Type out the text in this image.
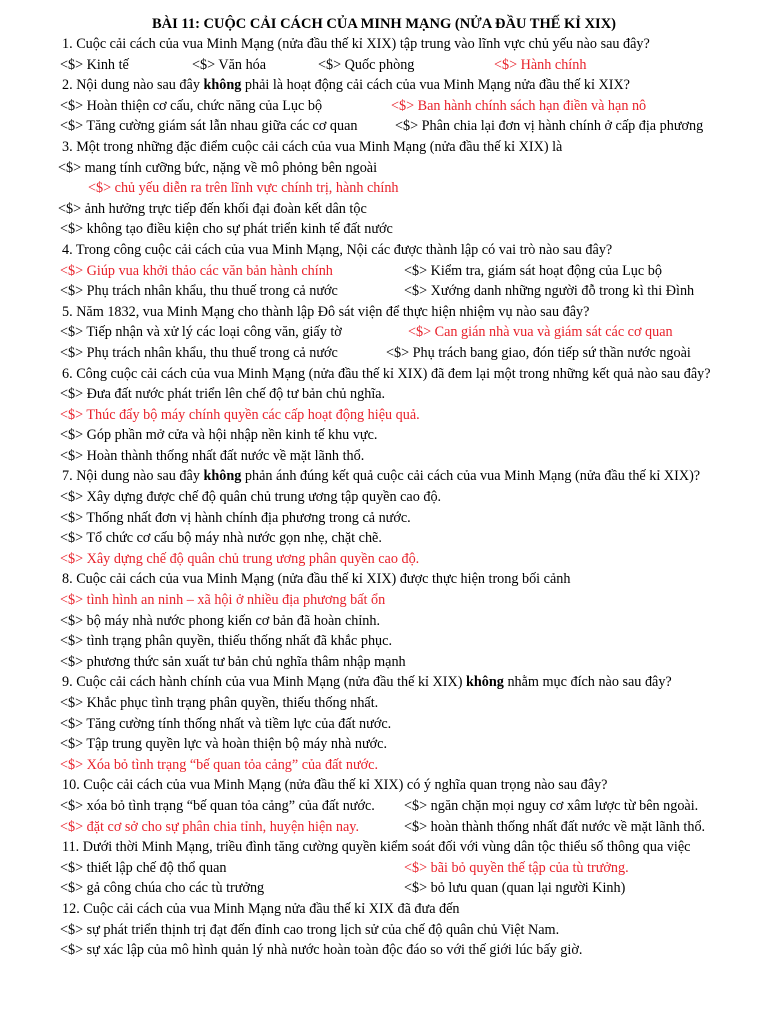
BÀI 11: CUỘC CẢI CÁCH CỦA MINH MẠNG (NỬA ĐẦU THẾ KỈ XIX)

1. Cuộc cải cách của vua Minh Mạng (nửa đầu thế kỉ XIX) tập trung vào lĩnh vực chủ yếu nào sau đây?

<$> Kinh tế	<$> Văn hóa	<$> Quốc phòng	<$> Hành chính

2. Nội dung nào sau đây không phải là hoạt động cải cách của vua Minh Mạng nửa đầu thế kỉ XIX?

<$> Hoàn thiện cơ cấu, chức năng của Lục bộ	<$> Ban hành chính sách hạn điền và hạn nô
<$> Tăng cường giám sát lẫn nhau giữa các cơ quan	<$> Phân chia lại đơn vị hành chính ở cấp địa phương

3. Một trong những đặc điểm cuộc cải cách của vua Minh Mạng (nửa đầu thế kỉ XIX) là

<$> mang tính cưỡng bức, nặng về mô phỏng bên ngoài
<$> chủ yếu diễn ra trên lĩnh vực chính trị, hành chính
<$> ảnh hưởng trực tiếp đến khối đại đoàn kết dân tộc
<$> không tạo điều kiện cho sự phát triển kinh tế đất nước

4. Trong công cuộc cải cách của vua Minh Mạng, Nội các được thành lập có vai trò nào sau đây?

<$> Giúp vua khởi thảo các văn bản hành chính	<$> Kiểm tra, giám sát hoạt động của Lục bộ
<$> Phụ trách nhân khẩu, thu thuế trong cả nước	<$> Xướng danh những người đỗ trong kì thi Đình

5. Năm 1832, vua Minh Mạng cho thành lập Đô sát viện để thực hiện nhiệm vụ nào sau đây?

<$> Tiếp nhận và xử lý các loại công văn, giấy tờ	<$> Can gián nhà vua và giám sát các cơ quan
<$> Phụ trách nhân khẩu, thu thuế trong cả nước	<$> Phụ trách bang giao, đón tiếp sứ thần nước ngoài

6. Công cuộc cải cách của vua Minh Mạng (nửa đầu thế kỉ XIX) đã đem lại một trong những kết quả nào sau đây?

<$> Đưa đất nước phát triển lên chế độ tư bản chủ nghĩa.
<$> Thúc đẩy bộ máy chính quyền các cấp hoạt động hiệu quả.
<$> Góp phần mở cửa và hội nhập nền kinh tế khu vực.
<$> Hoàn thành thống nhất đất nước về mặt lãnh thổ.

7. Nội dung nào sau đây không phản ánh đúng kết quả cuộc cải cách của vua Minh Mạng (nửa đầu thế kỉ XIX)?

<$> Xây dựng được chế độ quân chủ trung ương tập quyền cao độ.
<$> Thống nhất đơn vị hành chính địa phương trong cả nước.
<$> Tổ chức cơ cấu bộ máy nhà nước gọn nhẹ, chặt chẽ.
<$> Xây dựng chế độ quân chủ trung ương phân quyền cao độ.

8. Cuộc cải cách của vua Minh Mạng (nửa đầu thế kỉ XIX) được thực hiện trong bối cảnh

<$> tình hình an ninh – xã hội ở nhiều địa phương bất ổn
<$> bộ máy nhà nước phong kiến cơ bản đã hoàn chỉnh.
<$> tình trạng phân quyền, thiếu thống nhất đã khắc phục.
<$> phương thức sản xuất tư bản chủ nghĩa thâm nhập mạnh

9. Cuộc cải cách hành chính của vua Minh Mạng (nửa đầu thế kỉ XIX) không nhằm mục đích nào sau đây?

<$> Khắc phục tình trạng phân quyền, thiếu thống nhất.
<$> Tăng cường tính thống nhất và tiềm lực của đất nước.
<$> Tập trung quyền lực và hoàn thiện bộ máy nhà nước.
<$> Xóa bỏ tình trạng “bế quan tỏa cảng” của đất nước.

10. Cuộc cải cách của vua Minh Mạng (nửa đầu thế kỉ XIX) có ý nghĩa quan trọng nào sau đây?

<$> xóa bỏ tình trạng “bế quan tỏa cảng” của đất nước. <$> ngăn chặn mọi nguy cơ xâm lược từ bên ngoài.
<$> đặt cơ sở cho sự phân chia tỉnh, huyện hiện nay.	<$> hoàn thành thống nhất đất nước về mặt lãnh thổ.

11. Dưới thời Minh Mạng, triều đình tăng cường quyền kiểm soát đối với vùng dân tộc thiểu số thông qua việc

<$> thiết lập chế độ thổ quan	<$> bãi bỏ quyền thế tập của tù trưởng.
<$> gả công chúa cho các tù trưởng	<$> bỏ lưu quan (quan lại người Kinh)

12. Cuộc cải cách của vua Minh Mạng nửa đầu thế kỉ XIX đã đưa đến

<$> sự phát triển thịnh trị đạt đến đỉnh cao trong lịch sử của chế độ quân chủ Việt Nam.
<$> sự xác lập của mô hình quản lý nhà nước hoàn toàn độc đáo so với thế giới lúc bấy giờ.
